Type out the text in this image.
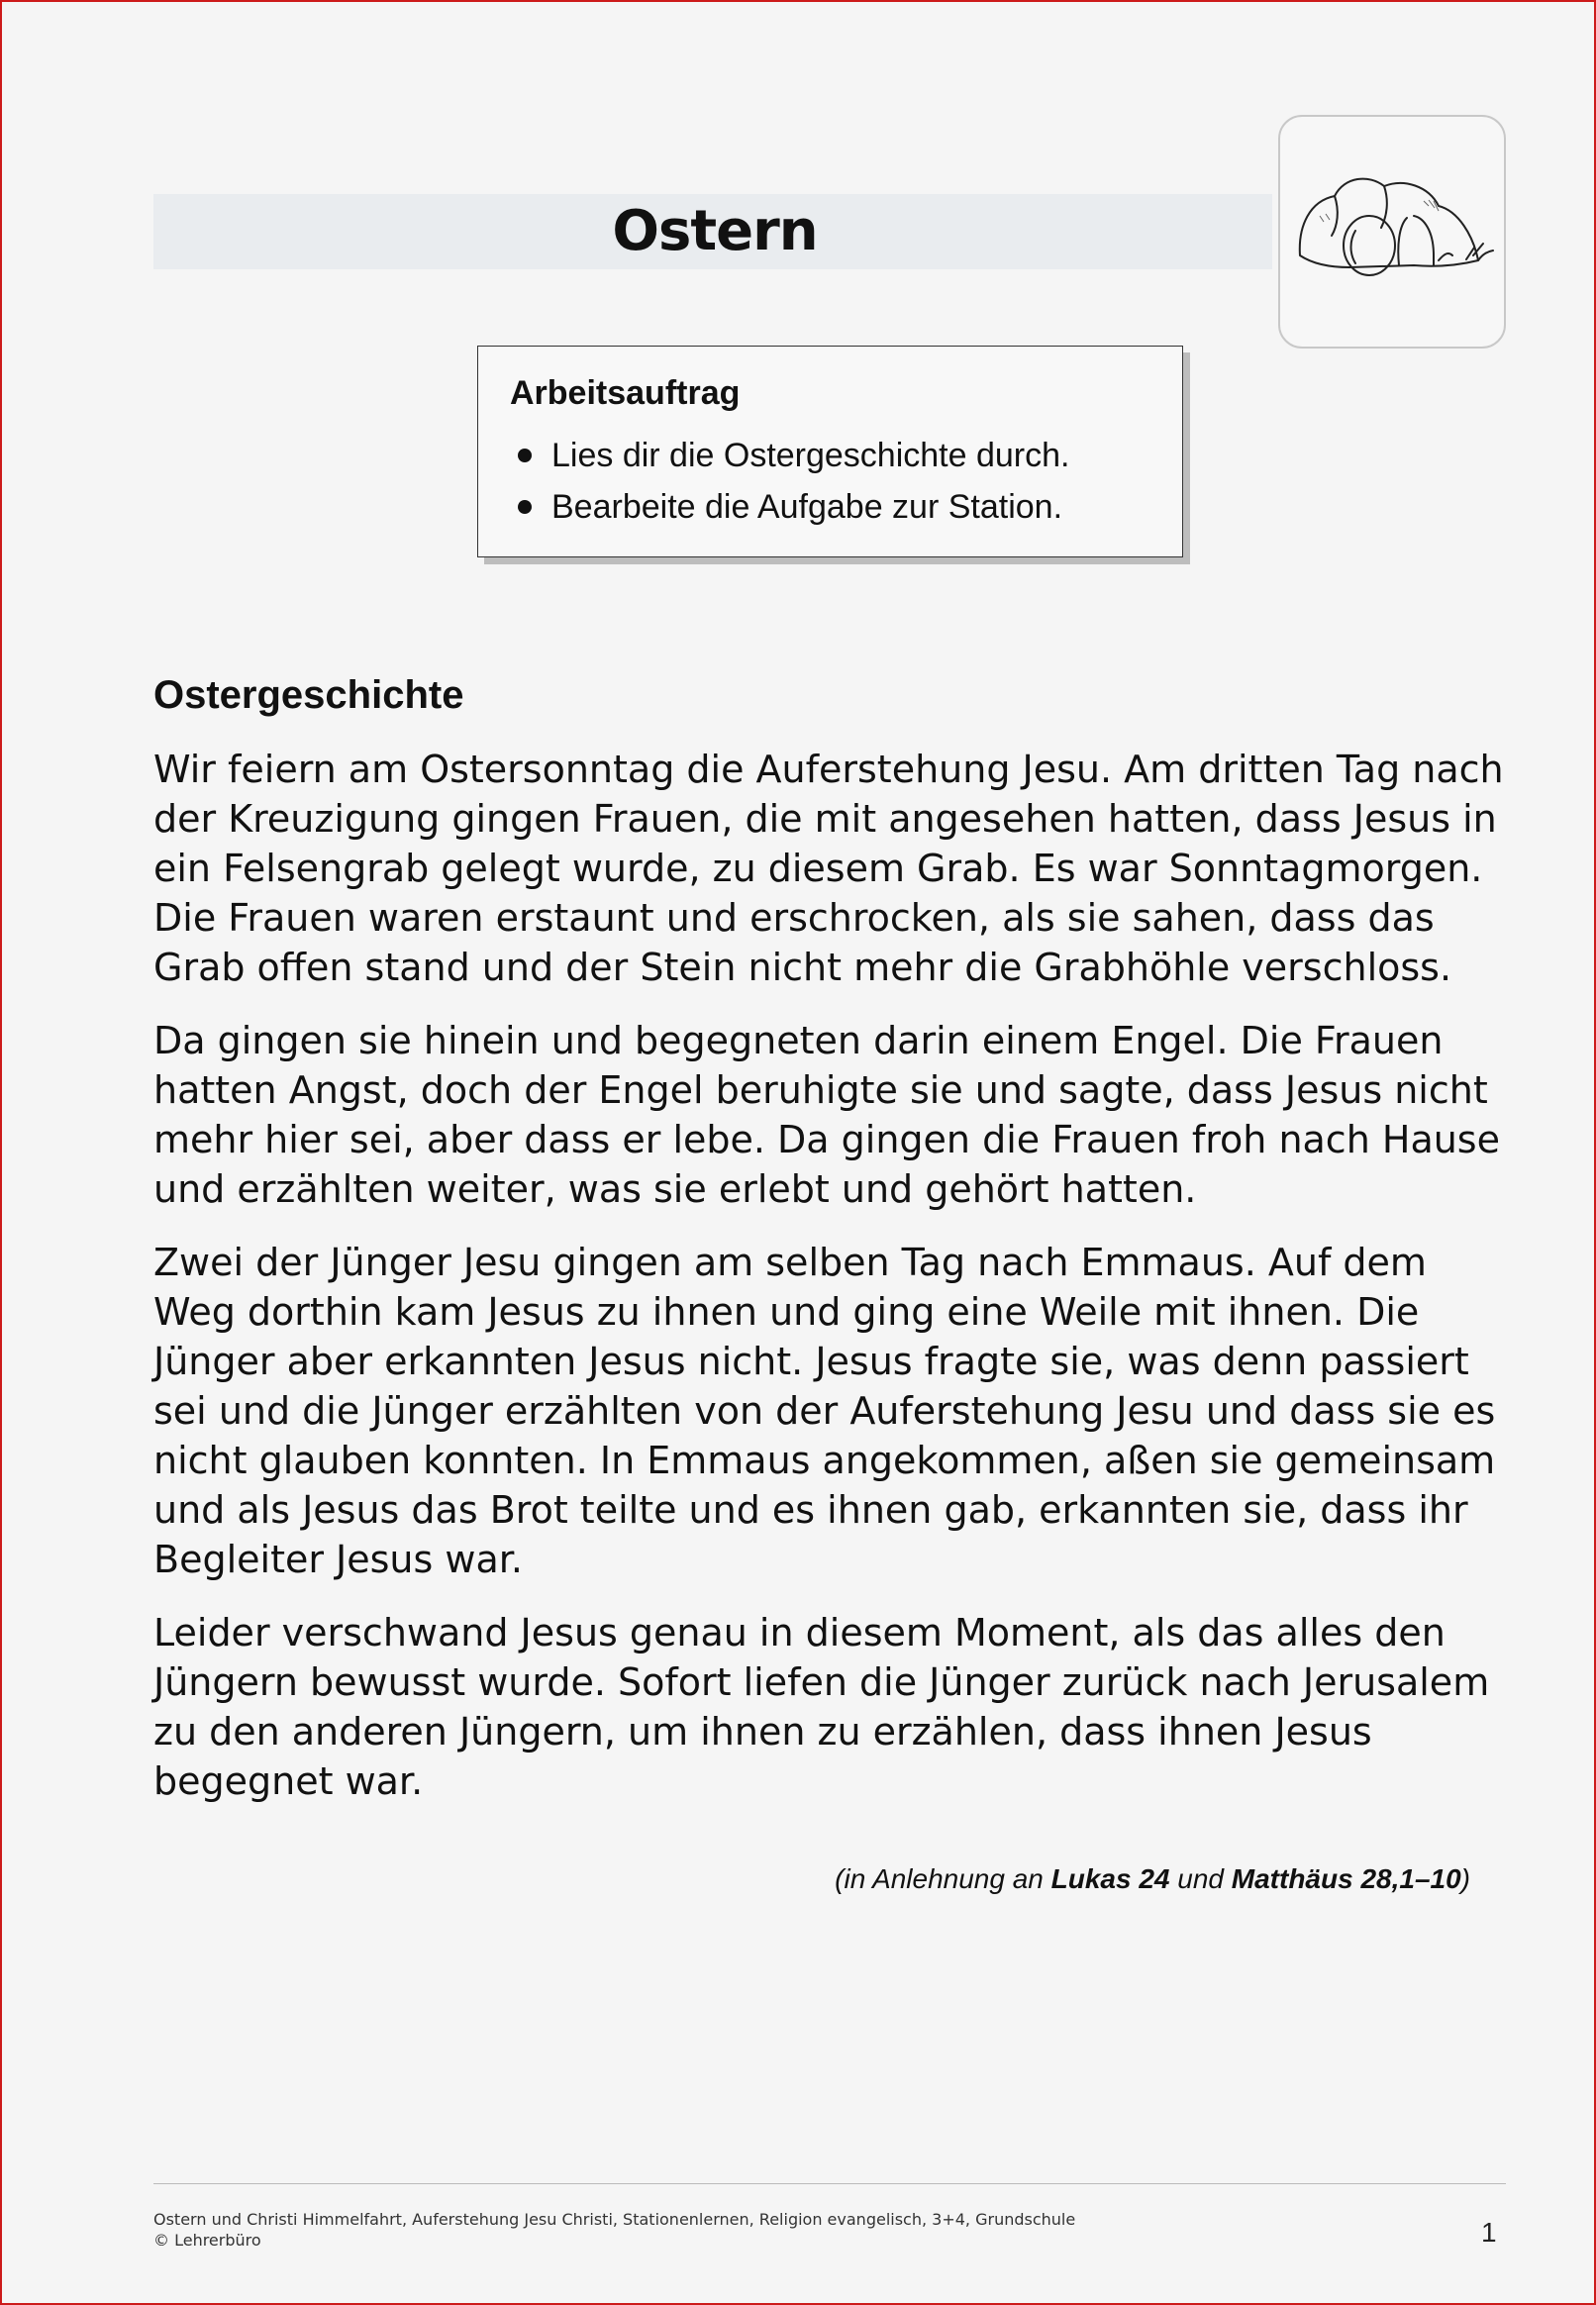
Ostern
Arbeitsauftrag
Lies dir die Ostergeschichte durch.
Bearbeite die Aufgabe zur Station.
Ostergeschichte

Wir feiern am Ostersonntag die Auferstehung Jesu. Am dritten Tag nach der Kreuzigung gingen Frauen, die mit angesehen hatten, dass Jesus in ein Felsengrab gelegt wurde, zu diesem Grab. Es war Sonntagmorgen. Die Frauen waren erstaunt und erschrocken, als sie sahen, dass das Grab offen stand und der Stein nicht mehr die Grabhöhle verschloss.

Da gingen sie hinein und begegneten darin einem Engel. Die Frauen hatten Angst, doch der Engel beruhigte sie und sagte, dass Jesus nicht mehr hier sei, aber dass er lebe. Da gingen die Frauen froh nach Hause und erzählten weiter, was sie erlebt und gehört hatten.

Zwei der Jünger Jesu gingen am selben Tag nach Emmaus. Auf dem Weg dorthin kam Jesus zu ihnen und ging eine Weile mit ihnen. Die Jünger aber erkannten Jesus nicht. Jesus fragte sie, was denn passiert sei und die Jünger erzählten von der Auferstehung Jesu und dass sie es nicht glauben konnten. In Emmaus angekommen, aßen sie gemeinsam und als Jesus das Brot teilte und es ihnen gab, erkannten sie, dass ihr Begleiter Jesus war.

Leider verschwand Jesus genau in diesem Moment, als das alles den Jüngern bewusst wurde. Sofort liefen die Jünger zurück nach Jerusalem zu den anderen Jüngern, um ihnen zu erzählen, dass ihnen Jesus begegnet war.

(in Anlehnung an Lukas 24 und Matthäus 28,1–10)
Ostern und Christi Himmelfahrt, Auferstehung Jesu Christi, Stationenlernen, Religion evangelisch, 3+4, Grundschule
© Lehrerbüro	1
